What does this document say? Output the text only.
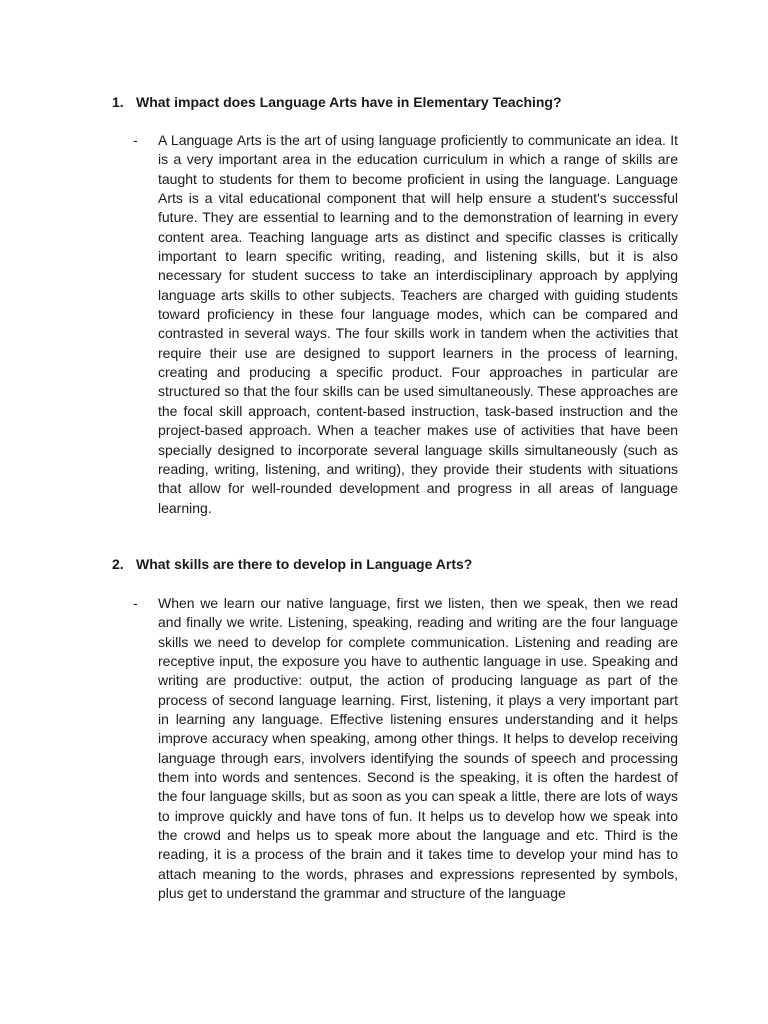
1. What impact does Language Arts have in Elementary Teaching?
- A Language Arts is the art of using language proficiently to communicate an idea. It is a very important area in the education curriculum in which a range of skills are taught to students for them to become proficient in using the language. Language Arts is a vital educational component that will help ensure a student's successful future. They are essential to learning and to the demonstration of learning in every content area. Teaching language arts as distinct and specific classes is critically important to learn specific writing, reading, and listening skills, but it is also necessary for student success to take an interdisciplinary approach by applying language arts skills to other subjects. Teachers are charged with guiding students toward proficiency in these four language modes, which can be compared and contrasted in several ways. The four skills work in tandem when the activities that require their use are designed to support learners in the process of learning, creating and producing a specific product. Four approaches in particular are structured so that the four skills can be used simultaneously. These approaches are the focal skill approach, content-based instruction, task-based instruction and the project-based approach. When a teacher makes use of activities that have been specially designed to incorporate several language skills simultaneously (such as reading, writing, listening, and writing), they provide their students with situations that allow for well-rounded development and progress in all areas of language learning.
2. What skills are there to develop in Language Arts?
- When we learn our native language, first we listen, then we speak, then we read and finally we write. Listening, speaking, reading and writing are the four language skills we need to develop for complete communication. Listening and reading are receptive input, the exposure you have to authentic language in use. Speaking and writing are productive: output, the action of producing language as part of the process of second language learning. First, listening, it plays a very important part in learning any language. Effective listening ensures understanding and it helps improve accuracy when speaking, among other things. It helps to develop receiving language through ears, involvers identifying the sounds of speech and processing them into words and sentences. Second is the speaking, it is often the hardest of the four language skills, but as soon as you can speak a little, there are lots of ways to improve quickly and have tons of fun. It helps us to develop how we speak into the crowd and helps us to speak more about the language and etc. Third is the reading, it is a process of the brain and it takes time to develop your mind has to attach meaning to the words, phrases and expressions represented by symbols, plus get to understand the grammar and structure of the language
